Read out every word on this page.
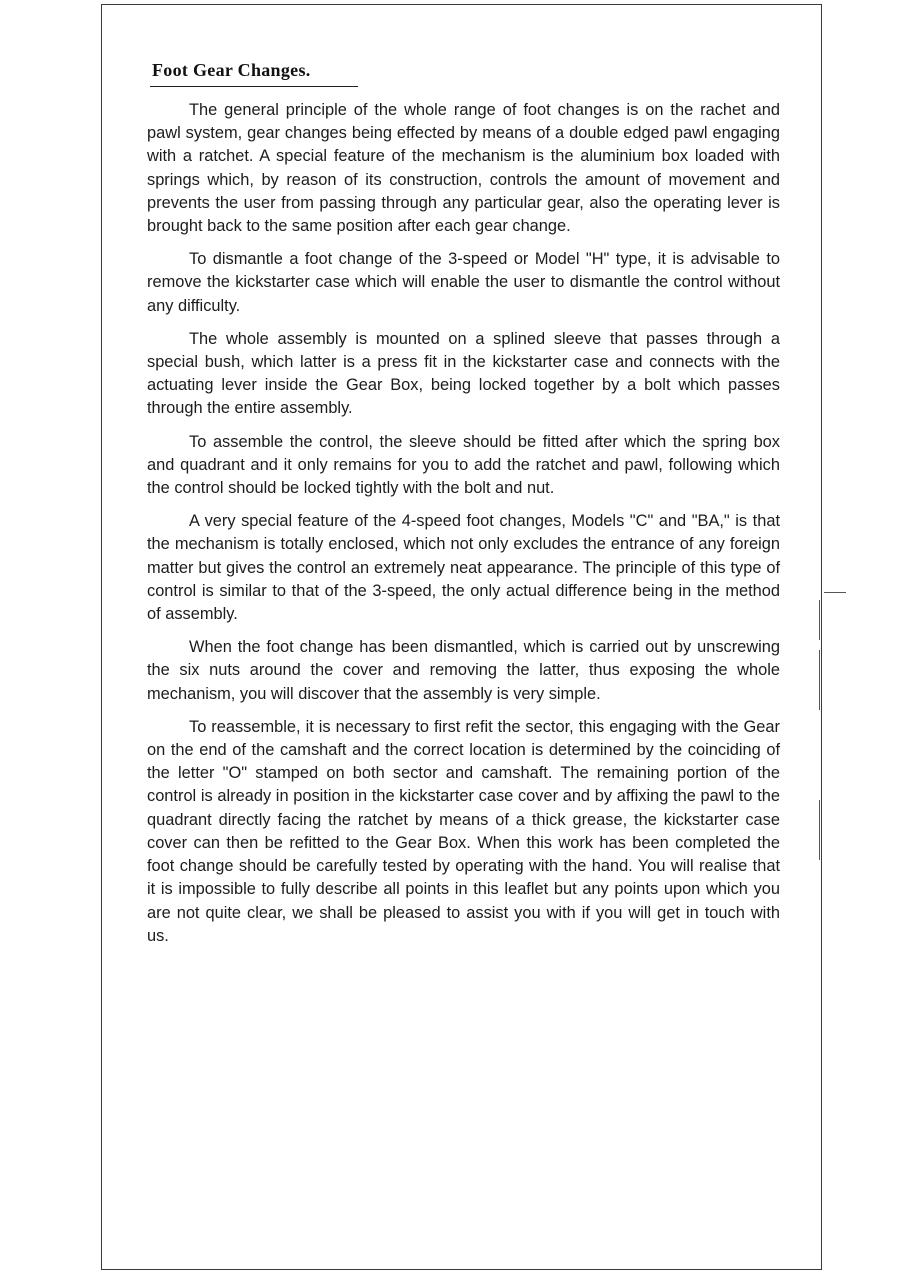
Foot Gear Changes.

The general principle of the whole range of foot changes is on the rachet and pawl system, gear changes being effected by means of a double edged pawl engaging with a ratchet. A special feature of the mechanism is the aluminium box loaded with springs which, by reason of its construction, controls the amount of movement and prevents the user from passing through any particular gear, also the operating lever is brought back to the same position after each gear change.

To dismantle a foot change of the 3-speed or Model "H" type, it is advisable to remove the kickstarter case which will enable the user to dismantle the control without any difficulty.

The whole assembly is mounted on a splined sleeve that passes through a special bush, which latter is a press fit in the kickstarter case and connects with the actuating lever inside the Gear Box, being locked together by a bolt which passes through the entire assembly.

To assemble the control, the sleeve should be fitted after which the spring box and quadrant and it only remains for you to add the ratchet and pawl, following which the control should be locked tightly with the bolt and nut.

A very special feature of the 4-speed foot changes, Models "C" and "BA," is that the mechanism is totally enclosed, which not only excludes the entrance of any foreign matter but gives the control an extremely neat appearance. The principle of this type of control is similar to that of the 3-speed, the only actual difference being in the method of assembly.

When the foot change has been dismantled, which is carried out by unscrewing the six nuts around the cover and removing the latter, thus exposing the whole mechanism, you will discover that the assembly is very simple.

To reassemble, it is necessary to first refit the sector, this engaging with the Gear on the end of the camshaft and the correct location is determined by the coinciding of the letter "O" stamped on both sector and camshaft. The remaining portion of the control is already in position in the kickstarter case cover and by affixing the pawl to the quadrant directly facing the ratchet by means of a thick grease, the kickstarter case cover can then be refitted to the Gear Box. When this work has been completed the foot change should be carefully tested by operating with the hand. You will realise that it is impossible to fully describe all points in this leaflet but any points upon which you are not quite clear, we shall be pleased to assist you with if you will get in touch with us.
